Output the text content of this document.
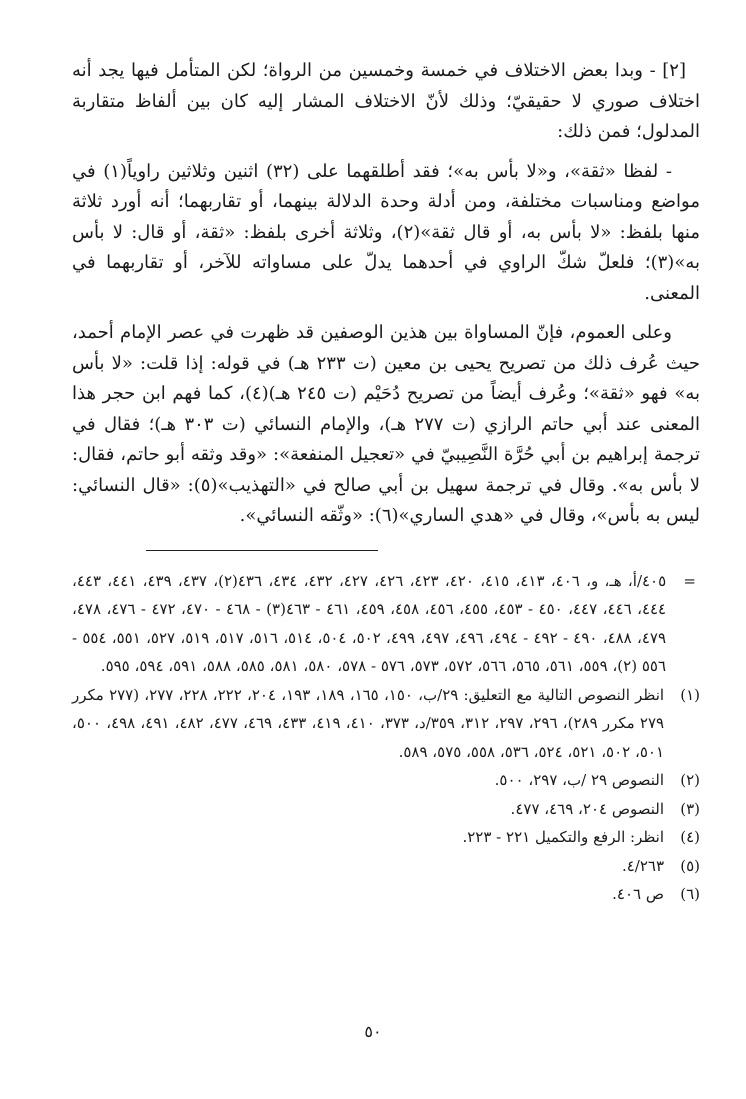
[٢] - وبدا بعض الاختلاف في خمسة وخمسين من الرواة؛ لكن المتأمل فيها يجد أنه اختلاف صوري لا حقيقيّ؛ وذلك لأنّ الاختلاف المشار إليه كان بين ألفاظ متقاربة المدلول؛ فمن ذلك:

- لفظا «ثقة»، و«لا بأس به»؛ فقد أطلقهما على (٣٢) اثنين وثلاثين راوياً(١) في مواضع ومناسبات مختلفة، ومن أدلة وحدة الدلالة بينهما، أو تقاربهما؛ أنه أورد ثلاثة منها بلفظ: «لا بأس به، أو قال ثقة»(٢)، وثلاثة أخرى بلفظ: «ثقة، أو قال: لا بأس به»(٣)؛ فلعلّ شكّ الراوي في أحدهما يدلّ على مساواته للآخر، أو تقاربهما في المعنى.

وعلى العموم، فإنّ المساواة بين هذين الوصفين قد ظهرت في عصر الإمام أحمد، حيث عُرف ذلك من تصريح يحيى بن معين (ت ٢٣٣ هـ) في قوله: إذا قلت: «لا بأس به» فهو «ثقة»؛ وعُرف أيضاً من تصريح دُحَيْم (ت ٢٤٥ هـ)(٤)، كما فهم ابن حجر هذا المعنى عند أبي حاتم الرازي (ت ٢٧٧ هـ)، والإمام النسائي (ت ٣٠٣ هـ)؛ فقال في ترجمة إبراهيم بن أبي حُرَّة النَّصِيبيّ في «تعجيل المنفعة»: «وقد وثقه أبو حاتم، فقال: لا بأس به». وقال في ترجمة سهيل بن أبي صالح في «التهذيب»(٥): «قال النسائي: ليس به بأس»، وقال في «هدي الساري»(٦): «وثّقه النسائي».

=
٤٠٥/أ، هـ، و، ٤٠٦، ٤١٣، ٤١٥، ٤٢٠، ٤٢٣، ٤٢٦، ٤٢٧، ٤٣٢، ٤٣٤، ٤٣٦(٢)، ٤٣٧، ٤٣٩، ٤٤١، ٤٤٣، ٤٤٤، ٤٤٦، ٤٤٧، ٤٥٠ - ٤٥٣، ٤٥٥، ٤٥٦، ٤٥٨، ٤٥٩، ٤٦١ - ٤٦٣(٣) - ٤٦٨ - ٤٧٠، ٤٧٢ - ٤٧٦، ٤٧٨، ٤٧٩، ٤٨٨، ٤٩٠ - ٤٩٢ - ٤٩٤، ٤٩٦، ٤٩٧، ٤٩٩، ٥٠٢، ٥٠٤، ٥١٤، ٥١٦، ٥١٧، ٥١٩، ٥٢٧، ٥٥١، ٥٥٤ - ٥٥٦ (٢)، ٥٥٩، ٥٦١، ٥٦٥، ٥٦٦، ٥٧٢، ٥٧٣، ٥٧٦ - ٥٧٨، ٥٨٠، ٥٨١، ٥٨٥، ٥٨٨، ٥٩١، ٥٩٤، ٥٩٥.

(١)
انظر النصوص التالية مع التعليق: ٢٩/ب، ١٥٠، ١٦٥، ١٨٩، ١٩٣، ٢٠٤، ٢٢٢، ٢٢٨، ٢٧٧، (٢٧٧ مكرر ٢٧٩ مكرر ٢٨٩)، ٢٩٦، ٢٩٧، ٣١٢، ٣٥٩/د، ٣٧٣، ٤١٠، ٤١٩، ٤٣٣، ٤٦٩، ٤٧٧، ٤٨٢، ٤٩١، ٤٩٨، ٥٠٠، ٥٠١، ٥٠٢، ٥٢١، ٥٢٤، ٥٣٦، ٥٥٨، ٥٧٥، ٥٨٩.

(٢)
النصوص ٢٩ /ب، ٢٩٧، ٥٠٠.

(٣)
النصوص ٢٠٤، ٤٦٩، ٤٧٧.

(٤)
انظر: الرفع والتكميل ٢٢١ - ٢٢٣.

(٥)
٤/٢٦٣.

(٦)
ص ٤٠٦.

٥٠
